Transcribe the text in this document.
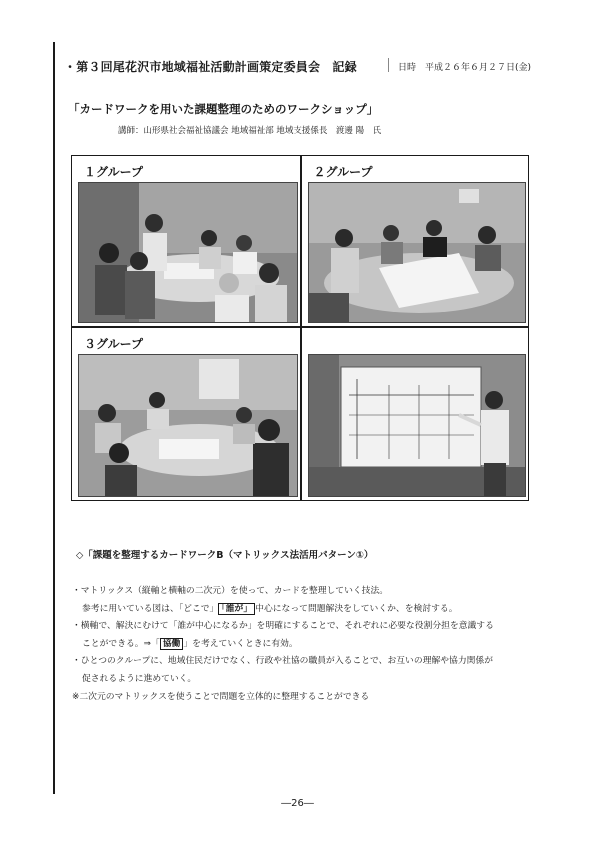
・第３回尾花沢市地域福祉活動計画策定委員会　記録	日時　平成２６年６月２７日(金)
「カードワークを用いた課題整理のためのワークショップ」
講師：山形県社会福祉協議会 地域福祉部 地域支援係長　渡邊 陽　氏
１グループ	２グループ
３グループ
◇「課題を整理するカードワークB（マトリックス法活用パターン①）

・マトリックス（縦軸と横軸の二次元）を使って、カードを整理していく技法。

参考に用いている図は、「どこで」 「誰が」 中心になって問題解決をしていくか、を検討する。

・横軸で、解決にむけて「誰が中心になるか」を明確にすることで、それぞれに必要な役割分担を意識する

ことができる。⇒「 協働 」を考えていくときに有効。

・ひとつのクループに、地域住民だけでなく、行政や社協の職員が入ることで、お互いの理解や協力関係が

促されるように進めていく。

※二次元のマトリックスを使うことで問題を立体的に整理することができる

―26―
